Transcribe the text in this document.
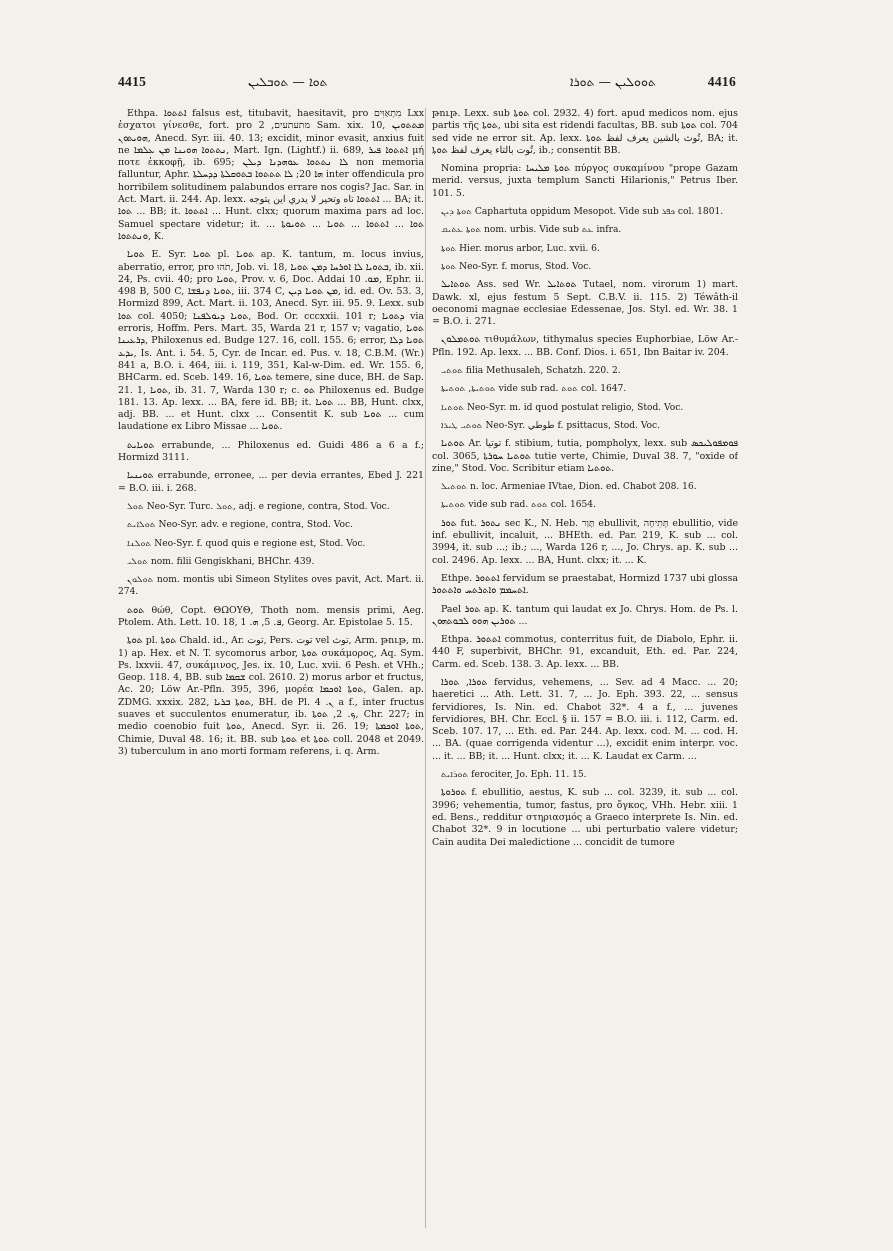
4415	ܬܘܐ — ܬܘܒܠܝܢ	ܬܘܘܠܝܢ — ܬܘܪܐ	4416

Ethpa. ܐܬܬܘܐ falsus est, titubavit, haesitavit, pro מִתְאַוִּים Lxx ἐσχατοι γίνεσθε, fort. pro מתעתעים, 2 Sam. xix. 10, ܡܬܬܘܝܢ ܗܘܝܬܘܢ, Anecd. Syr. iii. 40. 13; excidit, minor evasit, anxius fuit ne ܢܬܬܘܐ ܗܘܝܢܐ ܡܢ ܥܠܡܐ, Mart. Ign. (Lightf.) ii. 689, ܐܬܬܘܐ ܦܝܪ μή ποτε ἐκκοφῇ, ib. 695; ܠܐ ܢܬܬܘܐ ܥܘܗܕܢܐ ܕܝܠܢ non memoria falluntur, Aphr. ܗܐ 20; ܠܐ ܬܬܬܘܐ ܒܬܘܩܠܬܐ ܕܕܚܠܬܐ inter offendicula pro horribilem solitudinem palabundos errare nos cogis? Jac. Sar. in Act. Mart. ii. 244. Ap. lexx. ܐܬܬܘܐ تاه وتحير لا يدري اين يتوجه ... BA; it. ܬܘܐ ... BB; it. ܐܬܬܘܐ ... Hunt. clxx; quorum maxima pars ad loc. Samuel spectare videtur; it. ܬܘܐ ... ܐܬܬܘܐ ... ܬܘܝܐ ... ܬܘܝܘܬܐ ... ܘܢܬܬܘܐ, K.

ܬܘܝܐ E. Syr. ܬܘܝܐ pl. ܬܘܝܐ ap. K. tantum, m. locus invius, aberratio, error, pro תֹהוּ, Job. vi. 18, ܒܬܘܝܐ ܠܐ ܐܘܪܚܐ ܕܡܢ ܬܘܝܐ, ib. xii. 24, Ps. cvii. 40; pro ܬܘܝܐ, Prov. v. 6, Doc. Addai ܡܘ. 10, Ephr. ii. 498 B, 500 C, ܬܘܝܐ ܕܢܦܫܐ, iii. 374 C, ܡܢ ܬܘܝܐ ܕܝܢ, id. ed. Ov. 53. 3, Hormizd 899, Act. Mart. ii. 103, Anecd. Syr. iii. 95. 9. Lexx. sub ܬܘܐ col. 4050; ܬܘܝܐ ܕܝܘܠܦܢܐ, Bod. Or. cccxxii. 101 r; ܕܬܘܝܐ via erroris, Hoffm. Pers. Mart. 35, Warda 21 r, 157 v; vagatio, ܬܘܝܐ ܕܪܥܝܢܐ, Philoxenus ed. Budge 127. 16, coll. 155. 6; error, ܬܘܝܐ ܕܠܐ ܝܕܥ, Is. Ant. i. 54. 5, Cyr. de Incar. ed. Pus. v. 18, C.B.M. (Wr.) 841 a, B.O. i. 464, iii. i. 119, 351, Kal-w-Dim. ed. Wr. 155. 6, BHCarm. ed. Sceb. 149. 16, ܬܘܝܐ temere, sine duce, BH. de Sap. 21. 1, ܬܘܝܐ, ib. 31. 7, Warda 130 r; c. ܬܘ Philoxenus ed. Budge 181. 13. Ap. lexx. ... BA, fere id. BB; it. ܬܘܝܐ ... BB, Hunt. clxx, adj. BB. ... et Hunt. clxx ... Consentit K. sub ܬܘܝܐ ... cum laudatione ex Libro Missae ... ܬܘܝܐ.

ܬܘܝܐܝܬ errabunde, ... Philoxenus ed. Guidi 486 a 6 a f.; Hormizd 3111.

ܬܘܝܢܝܐ errabunde, erronee, ... per devia errantes, Ebed J. 221 = B.O. iii. i. 268.

ܬܘܠ Neo-Syr. Turc. ܬܘܠ, adj. e regione, contra, Stod. Voc.

ܬܘܠܐܝܬ Neo-Syr. adv. e regione, contra, Stod. Voc.

ܬܘܠܢܐ Neo-Syr. f. quod quis e regione est, Stod. Voc.

ܬܘܠܝ nom. filii Gengiskhani, BHChr. 439.

ܬܘܠܘܢ nom. montis ubi Simeon Stylites oves pavit, Act. Mart. ii. 274.

ܬܘܬ θώθ, Copt. ΘΩΟΥΘ, Thoth nom. mensis primi, Aeg. Ptolem. Ath. Lett. 10. 18, ܦ. 5, ܗ. 1, Georg. Ar. Epistolae 5. 15.

ܬܘܬܐ pl. ܬܘܬܐ Chald. id., Ar. توت, Pers. توت vel توث, Arm. թութ, m. 1) ap. Hex. et N. T. sycomorus arbor, ܬܘܬܐ συκάμορος, Aq. Sym. Ps. lxxvii. 47, συκάμινος, Jes. ix. 10, Luc. xvii. 6 Pesh. et VHh.; Geop. 118. 4, BB. sub ܫܩܡܐ col. 2610. 2) morus arbor et fructus, Ac. 20; Löw Ar.-Pfln. 395, 396, μορέα ܬܘܬܐ ܐܘܟܡܐ, Galen. ap. ZDMG. xxxix. 282, ܬܘܬܐ ܒܪܝܐ, BH. de Pl. ܢ. 4 a f., inter fructus suaves et succulentos enumeratur, ib. ܟ. 2, ܬܘܬܐ, Chr. 227; in medio coenobio fuit ܬܘܬܐ, Anecd. Syr. ii. 26. 19; ܬܘܬܐ ܐܘܟܡܬܐ, Chimie, Duval 48. 16; it. BB. sub ܬܘܬܐ et ܬܘܬܐ coll. 2048 et 2049. 3) tuberculum in ano morti formam referens, i. q. Arm.

թութ. Lexx. sub ܬܘܬܐ col. 2932. 4) fort. apud medicos nom. ejus partis τῆς ܬܘܬܐ, ubi sita est ridendi facultas, BB. sub ܬܘܬܐ col. 704 sed vide ne error sit. Ap. lexx. تُوث بالشين يعرف لفظ ܬܘܬܐ, BA; it. تُوت بالتاء يعرف لفظ ܬܘܬܐ, ib.; consentit BB.

Nomina propria: ܬܘܬܐ ܡܠܝܚܐ πύργος συκαμίνου "prope Gazam merid. versus, juxta templum Sancti Hilarionis," Petrus Iber. 101. 5.

ܬܘܬܐ ܕܝܢ Caphartuta oppidum Mesopot. Vide sub ܟܦܪ col. 1801.

ܬܘܬܐ ܥܬܝܩ nom. urbis. Vide sub ܥܬ infra.

ܬܘܬܐ Hier. morus arbor, Luc. xvii. 6.

ܬܘܬܐ Neo-Syr. f. morus, Stod. Voc.

ܬܘܬܐܝܠ Ass. sed Wr. ܬܘܬܐܝܠ Tutael, nom. virorum 1) mart. Dawk. xl, ejus festum 5 Sept. C.B.V. ii. 115. 2) Téwâth-il oeconomi magnae ecclesiae Edessenae, Jos. Styl. ed. Wr. 38. 1 = B.O. i. 271.

ܬܘܬܡܠܘܢ τιθυμάλων, tithymalus species Euphorbiae, Löw Ar.-Pfln. 192. Ap. lexx. ... BB. Conf. Dios. i. 651, Ibn Baitar iv. 204.

ܬܘܬܝ filia Methusaleh, Schatzh. 220. 2.

ܬܘܬܝܬܐ, ܬܘܬܝܬܐ vide sub rad. ܬܘܬ col. 1647.

ܬܘܬܝܐ Neo-Syr. m. id quod postulat religio, Stod. Voc.

ܬܘܬܝ ܛܝܪܐ Neo-Syr. طوطي f. psittacus, Stod. Voc.

ܬܘܬܝܐ Ar. توتيا f. stibium, tutia, pompholyx, lexx. sub ܦܘܡܦܘܠܝܟܣ col. 3065, ܬܘܬܝܐ ܚܘܪܬܐ tutie verte, Chimie, Duval 38. 7, "oxide of zine," Stod. Voc. Scribitur etiam ܬܘܬܝܐ.

ܬܘܬܝܠ n. loc. Armeniae IVtae, Dion. ed. Chabot 208. 16.

ܬܘܬܝܬܐ vide sub rad. ܬܘܬ col. 1654.

ܬܘܪ fut. ܢܬܘܪ sec K., N. Heb. תָּוַר ebullivit, תְּתִיחָה ebullitio, vide inf. ebullivit, incaluit, ... BHEth. ed. Par. 219, K. sub ... col. 3994, it. sub ...; ib.; ..., Warda 126 r, ..., Jo. Chrys. ap. K. sub ... col. 2496. Ap. lexx. ... BA, Hunt. clxx; it. ... K.

Ethpe. ܐܬܬܘܪ fervidum se praestabat, Hormizd 1737 ubi glossa ܐܬܚܡܡ ܘܐܬܪܬܚ ܘܐܬܬܘܪ.

Pael ܬܘܪ ap. K. tantum qui laudat ex Jo. Chrys. Hom. de Ps. l. ܬܘܪܝܢ ܗܘܘ ܠܒܘܬܗܘܢ ...

Ethpa. ܐܬܬܘܪ commotus, conterritus fuit, de Diabolo, Ephr. ii. 440 F, superbivit, BHChr. 91, excanduit, Eth. ed. Par. 224, Carm. ed. Sceb. 138. 3. Ap. lexx. ... BB.

ܬܘܪܐ, ܬܘܪܐ fervidus, vehemens, ... Sev. ad 4 Macc. ... 20; haeretici ... Ath. Lett. 31. 7, ... Jo. Eph. 393. 22, ... sensus fervidiores, Is. Nin. ed. Chabot 32*. 4 a f., ... juvenes fervidiores, BH. Chr. Eccl. § ii. 157 = B.O. iii. i. 112, Carm. ed. Sceb. 107. 17, ... Eth. ed. Par. 244. Ap. lexx. cod. M. ... cod. H. ... BA. (quae corrigenda videntur ...), excidit enim interpr. voc. ... it. ... BB; it. ... Hunt. clxx; it. ... K. Laudat ex Carm. ...

ܬܘܪܐܝܬ ferociter, Jo. Eph. 11. 15.

ܬܘܪܘܬܐ f. ebullitio, aestus, K. sub ... col. 3239, it. sub ... col. 3996; vehementia, tumor, fastus, pro ὄγκος, VHh. Hebr. xiii. 1 ed. Bens., redditur στηριασμός a Graeco interprete Is. Nin. ed. Chabot 32*. 9 in locutione ... ubi perturbatio valere videtur; Cain audita Dei maledictione ... concidit de tumore
